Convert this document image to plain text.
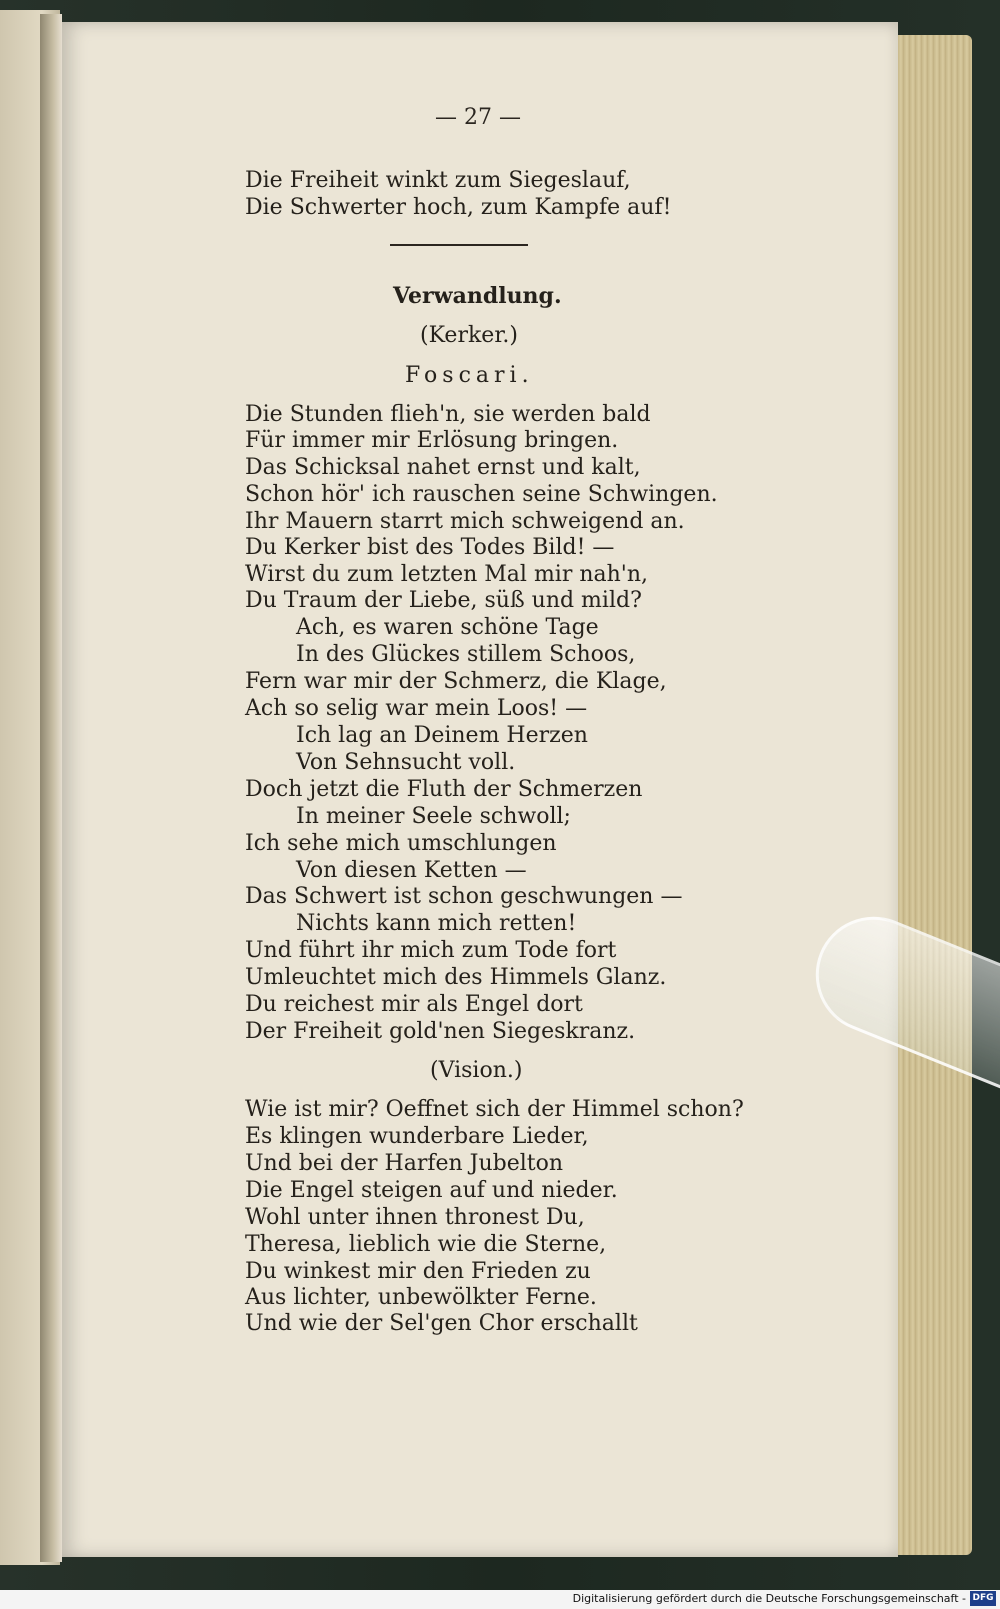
— 27 —
Die Freiheit winkt zum Siegeslauf,
Die Schwerter hoch, zum Kampfe auf!
Verwandlung.
(Kerker.)
Foscari.
Die Stunden flieh'n, sie werden bald
Für immer mir Erlösung bringen.
Das Schicksal nahet ernst und kalt,
Schon hör' ich rauschen seine Schwingen.
Ihr Mauern starrt mich schweigend an.
Du Kerker bist des Todes Bild! —
Wirst du zum letzten Mal mir nah'n,
Du Traum der Liebe, süß und mild?
Ach, es waren schöne Tage
In des Glückes stillem Schoos,
Fern war mir der Schmerz, die Klage,
Ach so selig war mein Loos! —
Ich lag an Deinem Herzen
Von Sehnsucht voll.
Doch jetzt die Fluth der Schmerzen
In meiner Seele schwoll;
Ich sehe mich umschlungen
Von diesen Ketten —
Das Schwert ist schon geschwungen —
Nichts kann mich retten!
Und führt ihr mich zum Tode fort
Umleuchtet mich des Himmels Glanz.
Du reichest mir als Engel dort
Der Freiheit gold'nen Siegeskranz.
(Vision.)
Wie ist mir? Oeffnet sich der Himmel schon?
Es klingen wunderbare Lieder,
Und bei der Harfen Jubelton
Die Engel steigen auf und nieder.
Wohl unter ihnen thronest Du,
Theresa, lieblich wie die Sterne,
Du winkest mir den Frieden zu
Aus lichter, unbewölkter Ferne.
Und wie der Sel'gen Chor erschallt
Digitalisierung gefördert durch die Deutsche Forschungsgemeinschaft - DFG
